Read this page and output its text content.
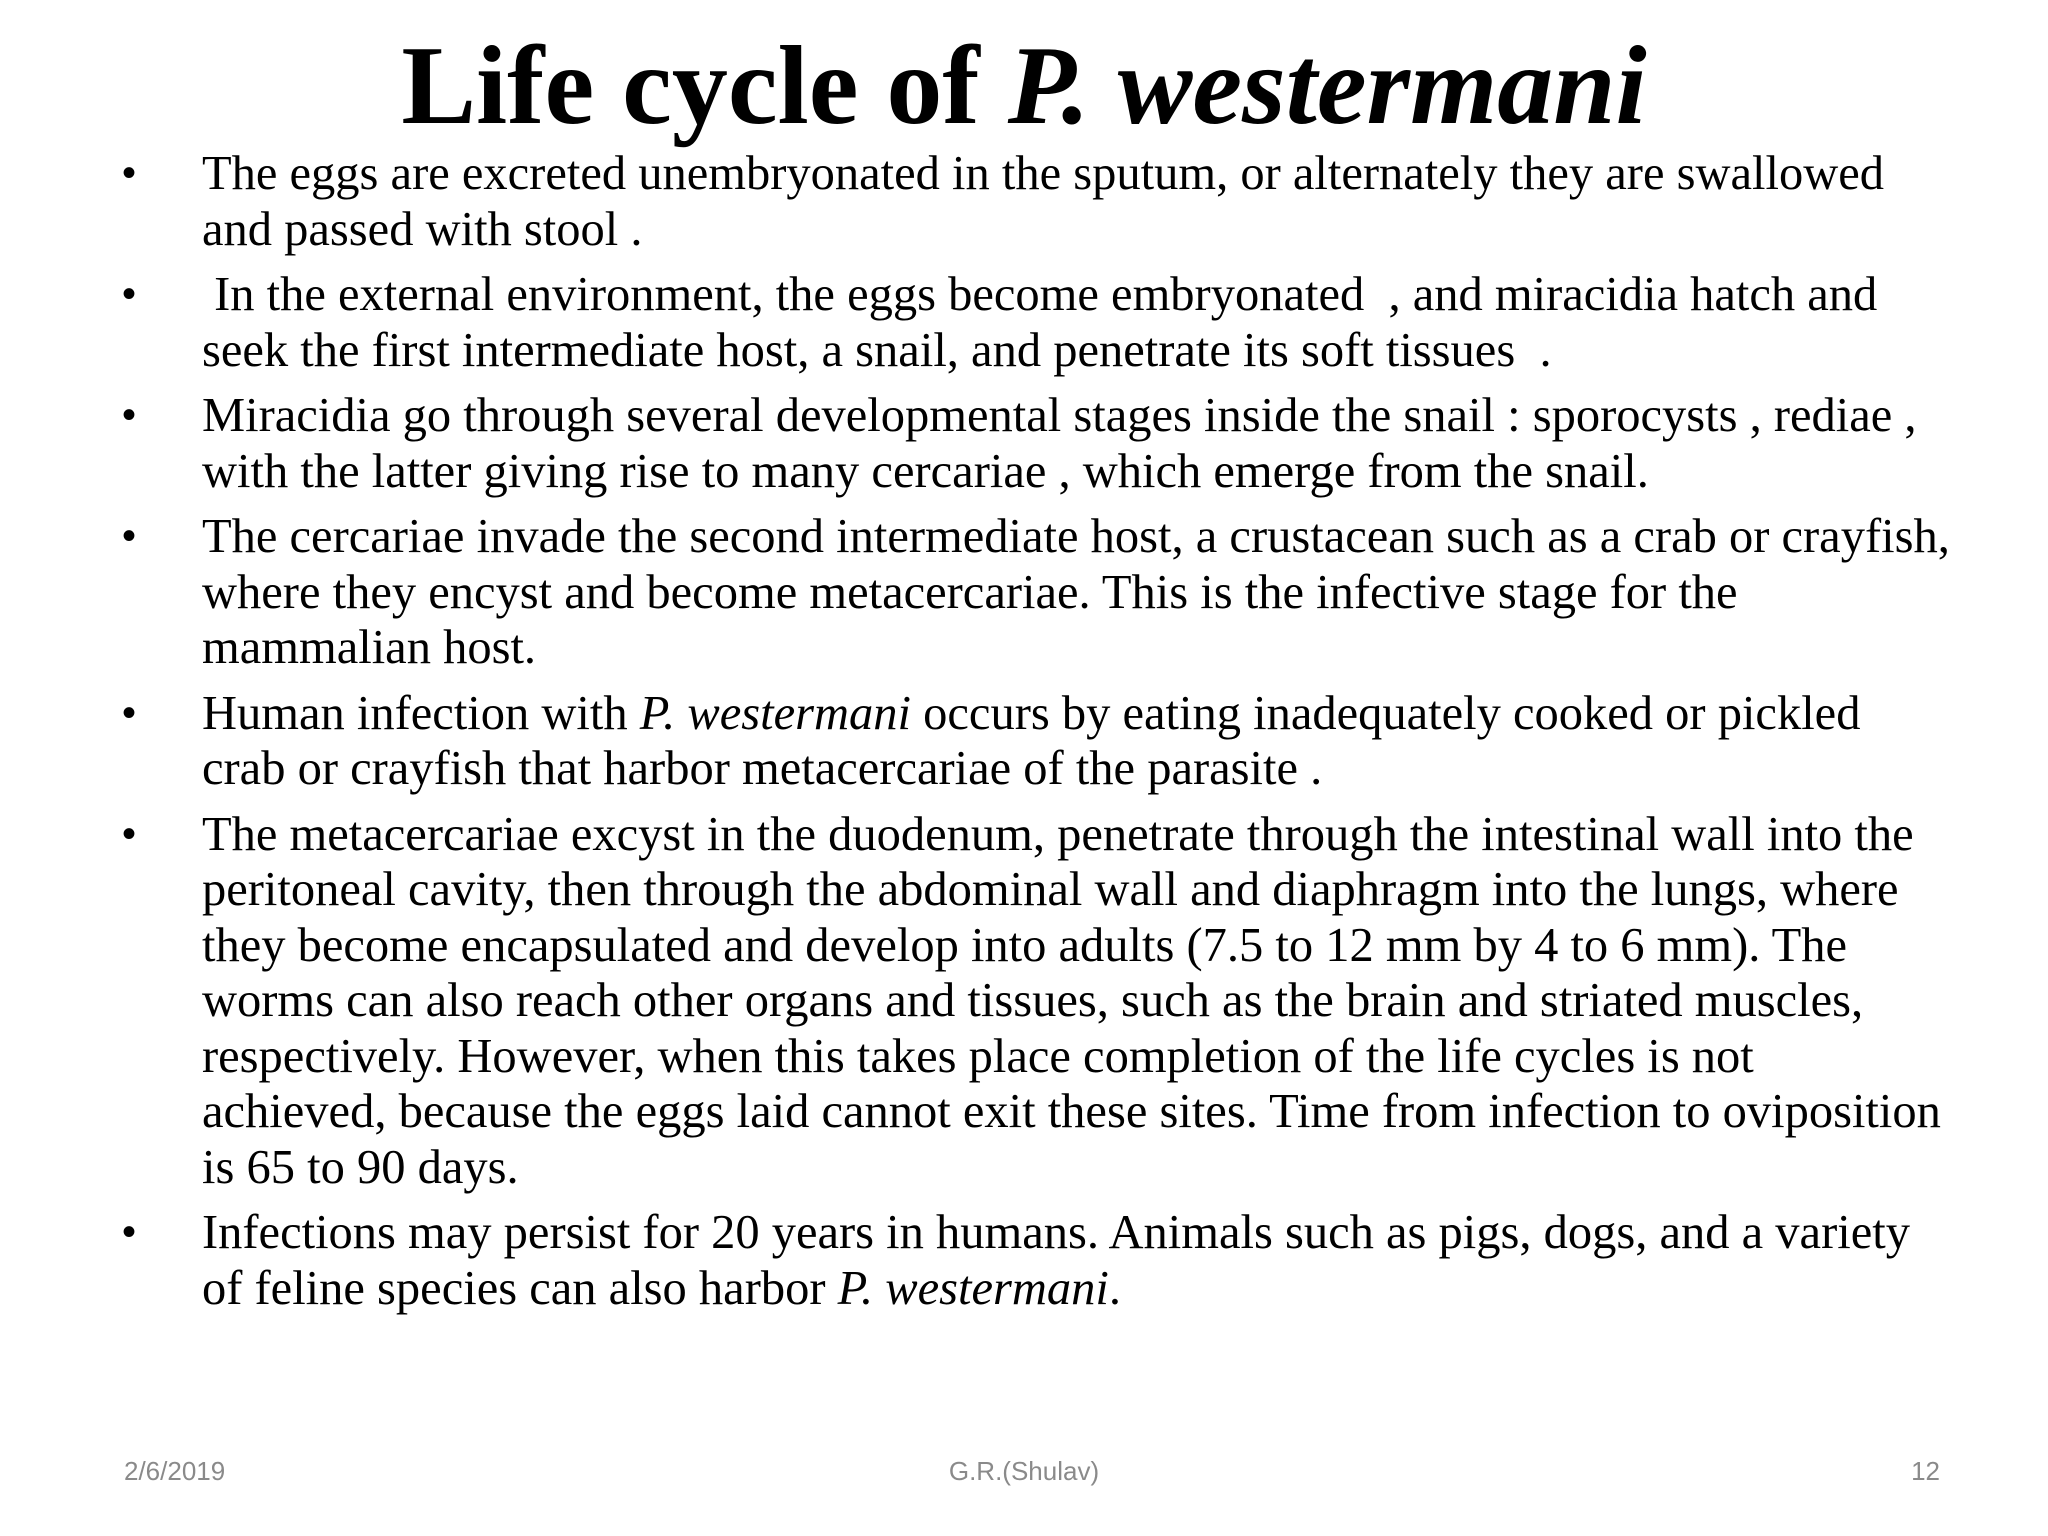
Life cycle of P. westermani
• The eggs are excreted unembryonated in the sputum, or alternately they are swallowed and passed with stool .
• In the external environment, the eggs become embryonated  , and miracidia hatch and seek the first intermediate host, a snail, and penetrate its soft tissues  .
• Miracidia go through several developmental stages inside the snail : sporocysts , rediae , with the latter giving rise to many cercariae , which emerge from the snail.
• The cercariae invade the second intermediate host, a crustacean such as a crab or crayfish, where they encyst and become metacercariae. This is the infective stage for the mammalian host.
• Human infection with P. westermani occurs by eating inadequately cooked or pickled crab or crayfish that harbor metacercariae of the parasite .
• The metacercariae excyst in the duodenum, penetrate through the intestinal wall into the peritoneal cavity, then through the abdominal wall and diaphragm into the lungs, where they become encapsulated and develop into adults (7.5 to 12 mm by 4 to 6 mm). The worms can also reach other organs and tissues, such as the brain and striated muscles, respectively. However, when this takes place completion of the life cycles is not achieved, because the eggs laid cannot exit these sites. Time from infection to oviposition is 65 to 90 days.
• Infections may persist for 20 years in humans. Animals such as pigs, dogs, and a variety of feline species can also harbor P. westermani.
2/6/2019	G.R.(Shulav)	12
